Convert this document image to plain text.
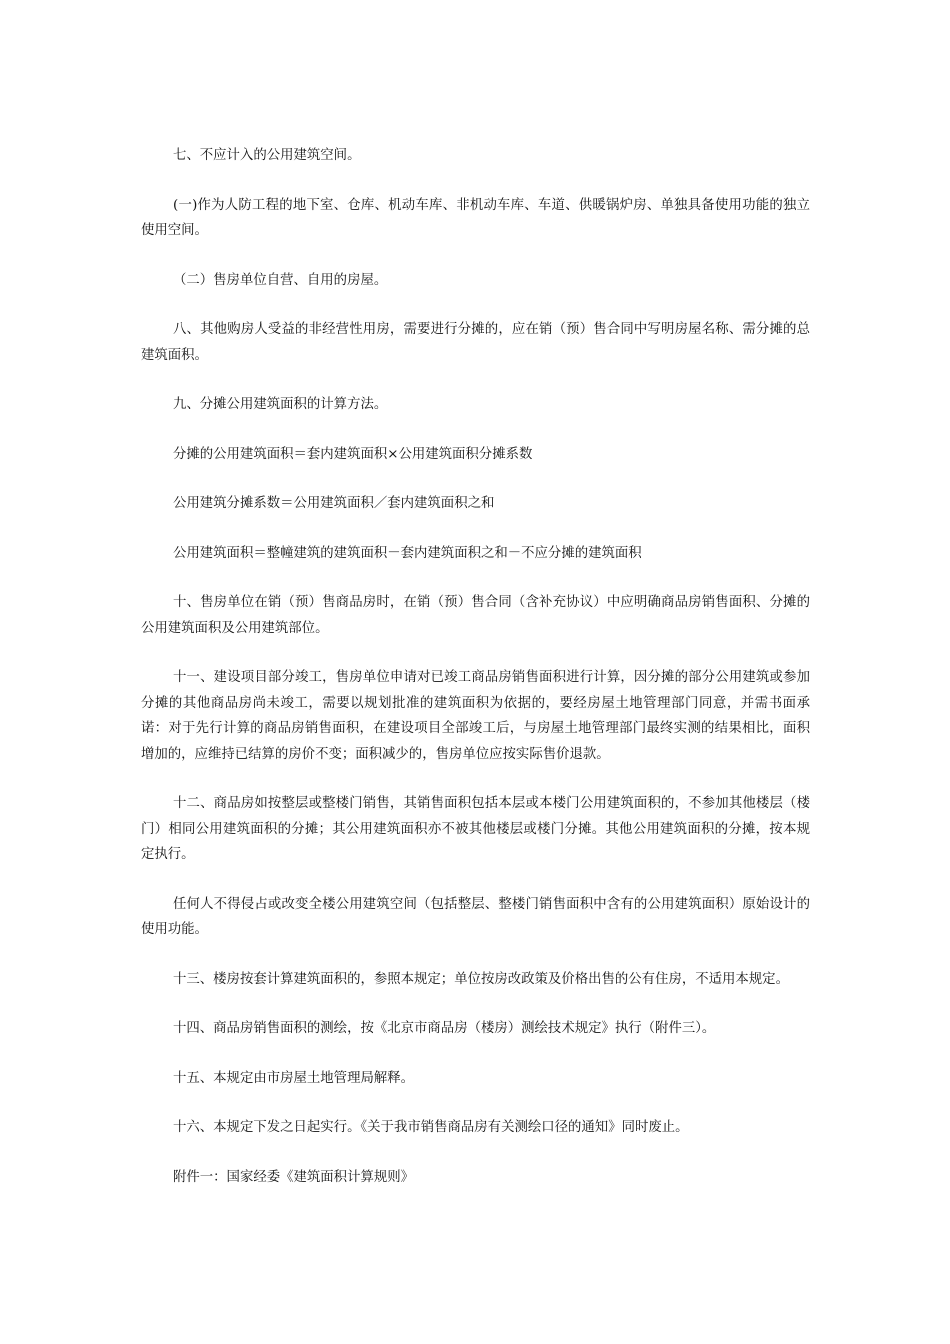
七、不应计入的公用建筑空间。

(一)作为人防工程的地下室、仓库、机动车库、非机动车库、车道、供暖锅炉房、单独具备使用功能的独立使用空间。

（二）售房单位自营、自用的房屋。

八、其他购房人受益的非经营性用房，需要进行分摊的，应在销（预）售合同中写明房屋名称、需分摊的总建筑面积。

九、分摊公用建筑面积的计算方法。

分摊的公用建筑面积＝套内建筑面积×公用建筑面积分摊系数

公用建筑分摊系数＝公用建筑面积／套内建筑面积之和

公用建筑面积＝整幢建筑的建筑面积－套内建筑面积之和－不应分摊的建筑面积

十、售房单位在销（预）售商品房时，在销（预）售合同（含补充协议）中应明确商品房销售面积、分摊的公用建筑面积及公用建筑部位。

十一、建设项目部分竣工，售房单位申请对已竣工商品房销售面积进行计算，因分摊的部分公用建筑或参加分摊的其他商品房尚未竣工，需要以规划批准的建筑面积为依据的，要经房屋土地管理部门同意，并需书面承诺：对于先行计算的商品房销售面积，在建设项目全部竣工后，与房屋土地管理部门最终实测的结果相比，面积增加的，应维持已结算的房价不变；面积减少的，售房单位应按实际售价退款。

十二、商品房如按整层或整楼门销售，其销售面积包括本层或本楼门公用建筑面积的，不参加其他楼层（楼门）相同公用建筑面积的分摊；其公用建筑面积亦不被其他楼层或楼门分摊。其他公用建筑面积的分摊，按本规定执行。

任何人不得侵占或改变全楼公用建筑空间（包括整层、整楼门销售面积中含有的公用建筑面积）原始设计的使用功能。

十三、楼房按套计算建筑面积的，参照本规定；单位按房改政策及价格出售的公有住房，不适用本规定。

十四、商品房销售面积的测绘，按《北京市商品房（楼房）测绘技术规定》执行（附件三）。

十五、本规定由市房屋土地管理局解释。

十六、本规定下发之日起实行。《关于我市销售商品房有关测绘口径的通知》同时废止。

附件一：国家经委《建筑面积计算规则》
